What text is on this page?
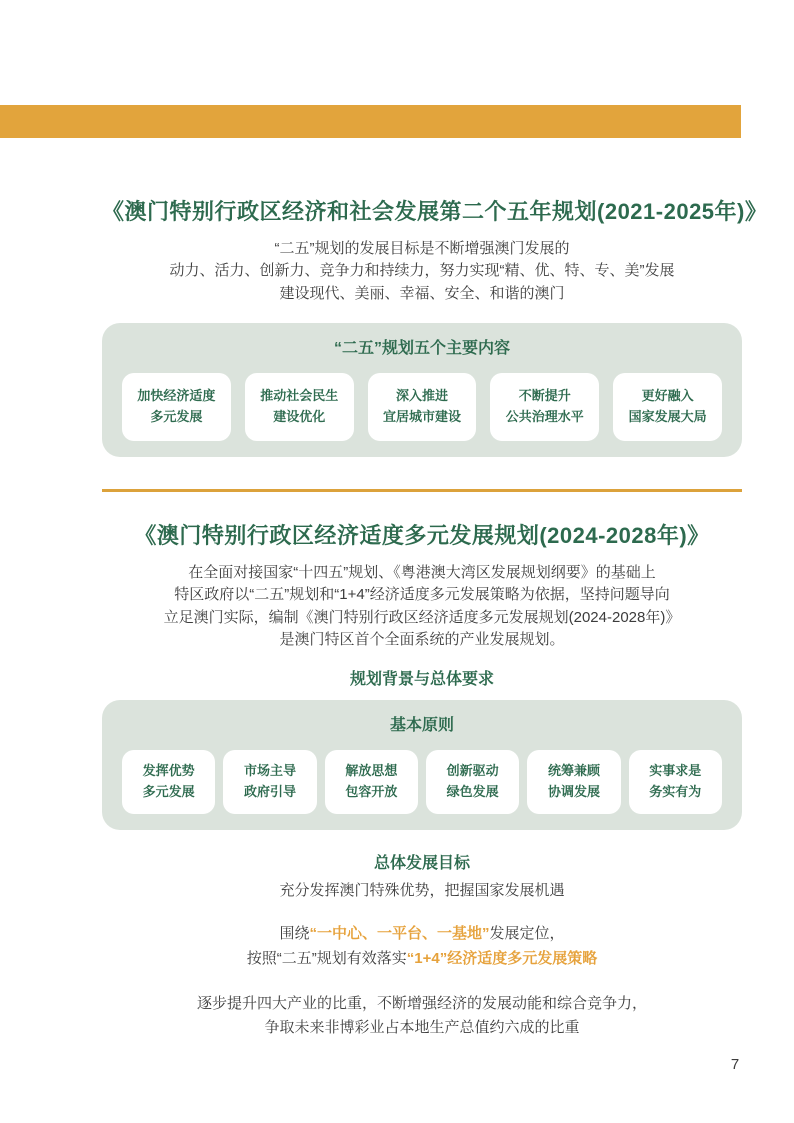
《澳门特别行政区经济和社会发展第二个五年规划(2021-2025年)》
“二五”规划的发展目标是不断增强澳门发展的
动力、活力、创新力、竞争力和持续力，努力实现“精、优、特、专、美”发展
建设现代、美丽、幸福、安全、和谐的澳门
“二五”规划五个主要内容
加快经济适度
多元发展
推动社会民生
建设优化
深入推进
宜居城市建设
不断提升
公共治理水平
更好融入
国家发展大局
《澳门特别行政区经济适度多元发展规划(2024-2028年)》
在全面对接国家“十四五”规划、《粤港澳大湾区发展规划纲要》的基础上
特区政府以“二五”规划和“1+4”经济适度多元发展策略为依据，坚持问题导向
立足澳门实际，编制《澳门特别行政区经济适度多元发展规划(2024-2028年)》
是澳门特区首个全面系统的产业发展规划。
规划背景与总体要求
基本原则
发挥优势
多元发展
市场主导
政府引导
解放思想
包容开放
创新驱动
绿色发展
统筹兼顾
协调发展
实事求是
务实有为
总体发展目标
充分发挥澳门特殊优势，把握国家发展机遇
围绕“一中心、一平台、一基地”发展定位，
按照“二五”规划有效落实“1+4”经济适度多元发展策略
逐步提升四大产业的比重，不断增强经济的发展动能和综合竞争力，
争取未来非博彩业占本地生产总值约六成的比重
7
